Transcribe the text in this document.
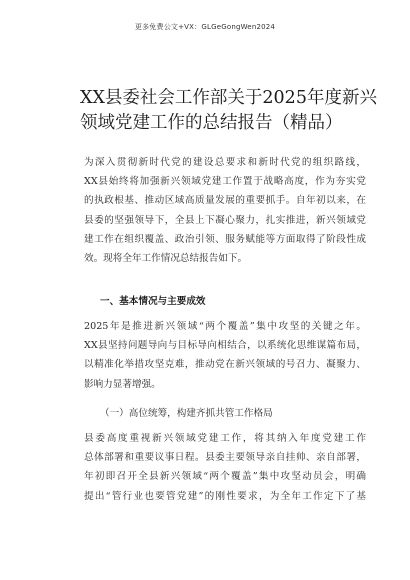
更多免费公文+VX：GLGeGongWen2024
XX县委社会工作部关于2025年度新兴
领域党建工作的总结报告（精品）
为深入贯彻新时代党的建设总要求和新时代党的组织路线，
XX县始终将加强新兴领域党建工作置于战略高度，作为夯实党
的执政根基、推动区域高质量发展的重要抓手。自年初以来，在
县委的坚强领导下，全县上下凝心聚力，扎实推进，新兴领域党
建工作在组织覆盖、政治引领、服务赋能等方面取得了阶段性成
效。现将全年工作情况总结报告如下。
一、基本情况与主要成效
2025年是推进新兴领域“两个覆盖”集中攻坚的关键之年。
XX县坚持问题导向与目标导向相结合，以系统化思维谋篇布局，
以精准化举措攻坚克难，推动党在新兴领域的号召力、凝聚力、
影响力显著增强。
（一）高位统筹，构建齐抓共管工作格局
县委高度重视新兴领域党建工作，将其纳入年度党建工作
总体部署和重要议事日程。县委主要领导亲自挂帅、亲自部署，
年初即召开全县新兴领域“两个覆盖”集中攻坚动员会，明确
提出“管行业也要管党建”的刚性要求，为全年工作定下了基
